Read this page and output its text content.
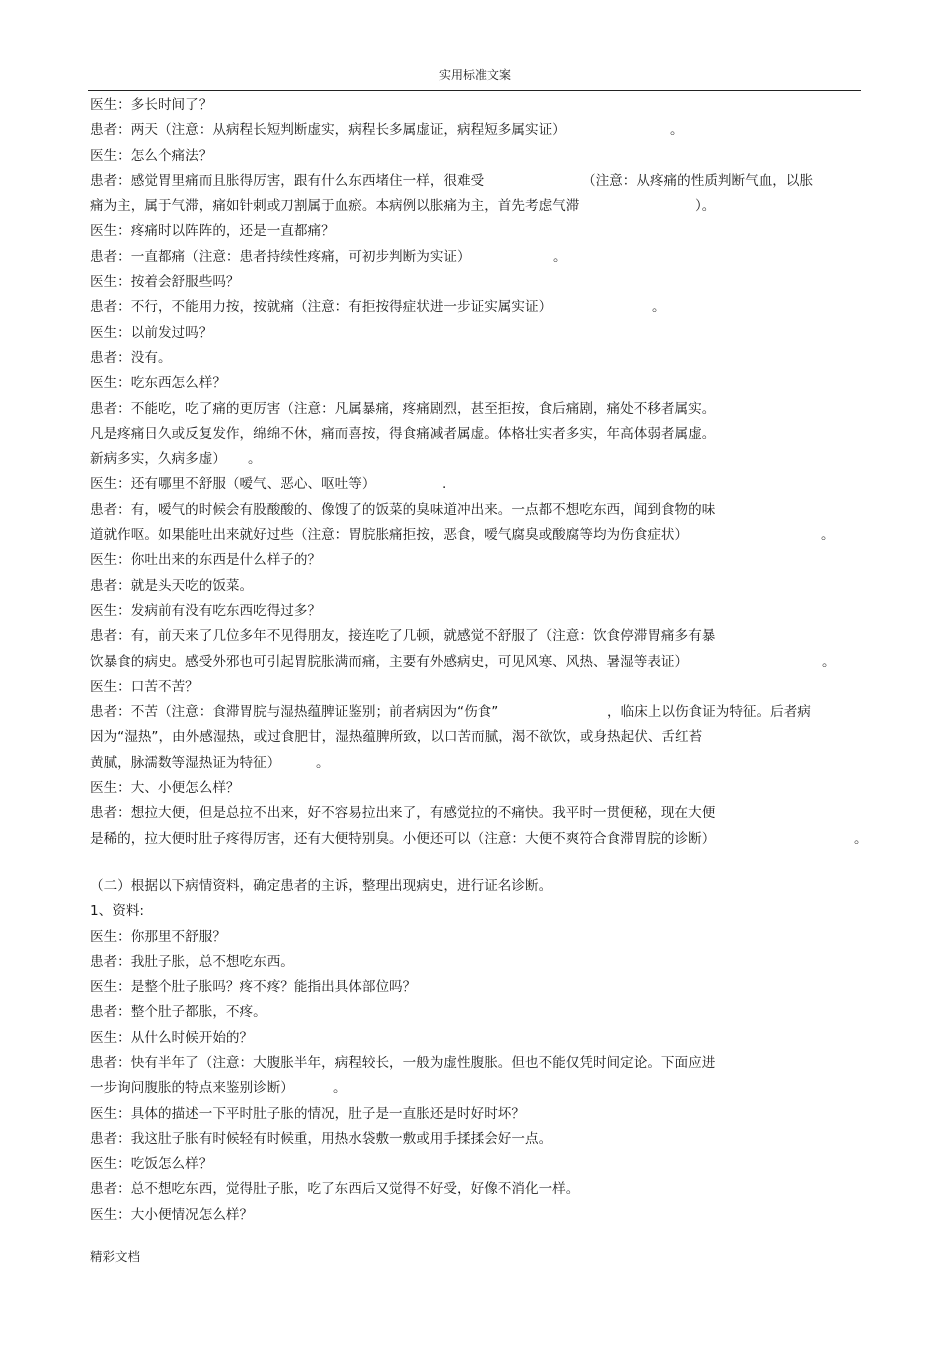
实用标准文案
医生：多长时间了？
患者：两天（注意：从病程长短判断虚实，病程长多属虚证，病程短多属实证）	。
医生：怎么个痛法？
患者：感觉胃里痛而且胀得厉害，跟有什么东西堵住一样，很难受	（注意：从疼痛的性质判断气血，以胀
痛为主，属于气滞，痛如针刺或刀割属于血瘀。本病例以胀痛为主，首先考虑气滞	）。
医生：疼痛时以阵阵的，还是一直都痛？
患者：一直都痛（注意：患者持续性疼痛，可初步判断为实证）	。
医生：按着会舒服些吗？
患者：不行，不能用力按，按就痛（注意：有拒按得症状进一步证实属实证）	。
医生：以前发过吗？
患者：没有。
医生：吃东西怎么样？
患者：不能吃，吃了痛的更厉害（注意：凡属暴痛，疼痛剧烈，甚至拒按，食后痛剧，痛处不移者属实。
凡是疼痛日久或反复发作，绵绵不休，痛而喜按，得食痛减者属虚。体格壮实者多实，年高体弱者属虚。
新病多实，久病多虚） 。
医生：还有哪里不舒服（嗳气、恶心、呕吐等）	.
患者：有，嗳气的时候会有股酸酸的、像馊了的饭菜的臭味道冲出来。一点都不想吃东西，闻到食物的味
道就作呕。如果能吐出来就好过些（注意：胃脘胀痛拒按，恶食，嗳气腐臭或酸腐等均为伤食症状）	。
医生：你吐出来的东西是什么样子的？
患者：就是头天吃的饭菜。
医生：发病前有没有吃东西吃得过多？
患者：有，前天来了几位多年不见得朋友，接连吃了几顿，就感觉不舒服了（注意：饮食停滞胃痛多有暴
饮暴食的病史。感受外邪也可引起胃脘胀满而痛，主要有外感病史，可见风寒、风热、暑湿等表证）	。
医生：口苦不苦？
患者：不苦（注意：食滞胃脘与湿热蕴脾证鉴别；前者病因为“伤食”	，临床上以伤食证为特征。后者病
因为“湿热”，由外感湿热，或过食肥甘，湿热蕴脾所致，以口苦而腻，渴不欲饮，或身热起伏、舌红苔
黄腻，脉濡数等湿热证为特征）	。
医生：大、小便怎么样？
患者：想拉大便，但是总拉不出来，好不容易拉出来了，有感觉拉的不痛快。我平时一贯便秘，现在大便
是稀的，拉大便时肚子疼得厉害，还有大便特别臭。小便还可以（注意：大便不爽符合食滞胃脘的诊断）	。
（二）根据以下病情资料，确定患者的主诉，整理出现病史，进行证名诊断。
1、资料:
医生：你那里不舒服？
患者：我肚子胀，总不想吃东西。
医生：是整个肚子胀吗？疼不疼？能指出具体部位吗？
患者：整个肚子都胀，不疼。
医生：从什么时候开始的？
患者：快有半年了（注意：大腹胀半年，病程较长，一般为虚性腹胀。但也不能仅凭时间定论。下面应进
一步询问腹胀的特点来鉴别诊断）	。
医生：具体的描述一下平时肚子胀的情况，肚子是一直胀还是时好时坏？
患者：我这肚子胀有时候轻有时候重，用热水袋敷一敷或用手揉揉会好一点。
医生：吃饭怎么样？
患者：总不想吃东西，觉得肚子胀，吃了东西后又觉得不好受，好像不消化一样。
医生：大小便情况怎么样？
精彩文档
